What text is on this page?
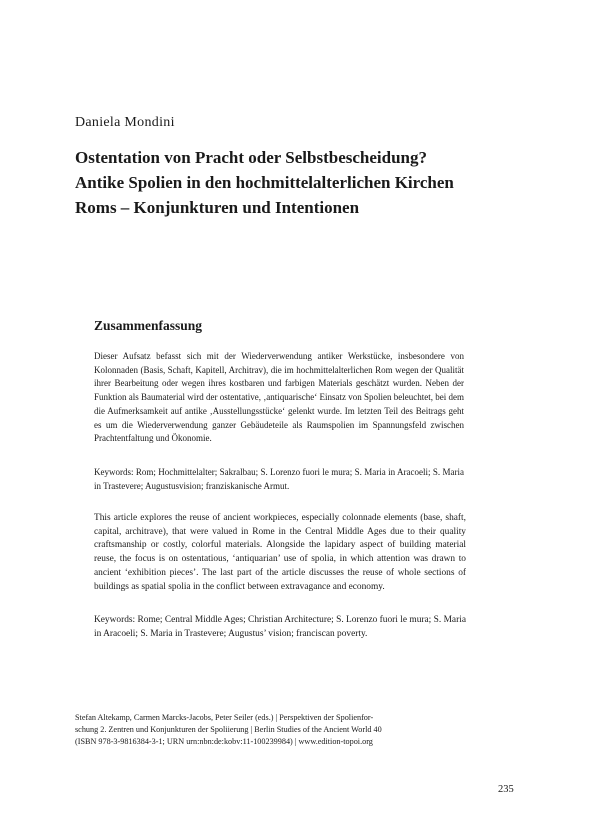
Daniela Mondini
Ostentation von Pracht oder Selbstbescheidung?
Antike Spolien in den hochmittelalterlichen Kirchen
Roms – Konjunkturen und Intentionen
Zusammenfassung

Dieser Aufsatz befasst sich mit der Wiederverwendung antiker Werkstücke, insbesondere von Kolonnaden (Basis, Schaft, Kapitell, Architrav), die im hochmittelalterlichen Rom wegen der Qualität ihrer Bearbeitung oder wegen ihres kostbaren und farbigen Materials geschätzt wurden. Neben der Funktion als Baumaterial wird der ostentative, ‚antiquarische‘ Einsatz von Spolien beleuchtet, bei dem die Aufmerksamkeit auf antike ‚Ausstellungsstücke‘ gelenkt wurde. Im letzten Teil des Beitrags geht es um die Wiederverwendung ganzer Gebäudeteile als Raumspolien im Spannungsfeld zwischen Prachtentfaltung und Ökonomie.

Keywords: Rom; Hochmittelalter; Sakralbau; S. Lorenzo fuori le mura; S. Maria in Aracoeli; S. Maria in Trastevere; Augustusvision; franziskanische Armut.

This article explores the reuse of ancient workpieces, especially colonnade elements (base, shaft, capital, architrave), that were valued in Rome in the Central Middle Ages due to their quality craftsmanship or costly, colorful materials. Alongside the lapidary aspect of building material reuse, the focus is on ostentatious, ‘antiquarian’ use of spolia, in which attention was drawn to ancient ‘exhibition pieces’. The last part of the article discusses the reuse of whole sections of buildings as spatial spolia in the conflict between extravagance and economy.

Keywords: Rome; Central Middle Ages; Christian Architecture; S. Lorenzo fuori le mura; S. Maria in Aracoeli; S. Maria in Trastevere; Augustus’ vision; franciscan poverty.

Stefan Altekamp, Carmen Marcks-Jacobs, Peter Seiler (eds.) | Perspektiven der Spolienfor-
schung 2. Zentren und Konjunkturen der Spoliierung | Berlin Studies of the Ancient World 40
(ISBN 978-3-9816384-3-1; URN urn:nbn:de:kobv:11-100239984) | www.edition-topoi.org
235
